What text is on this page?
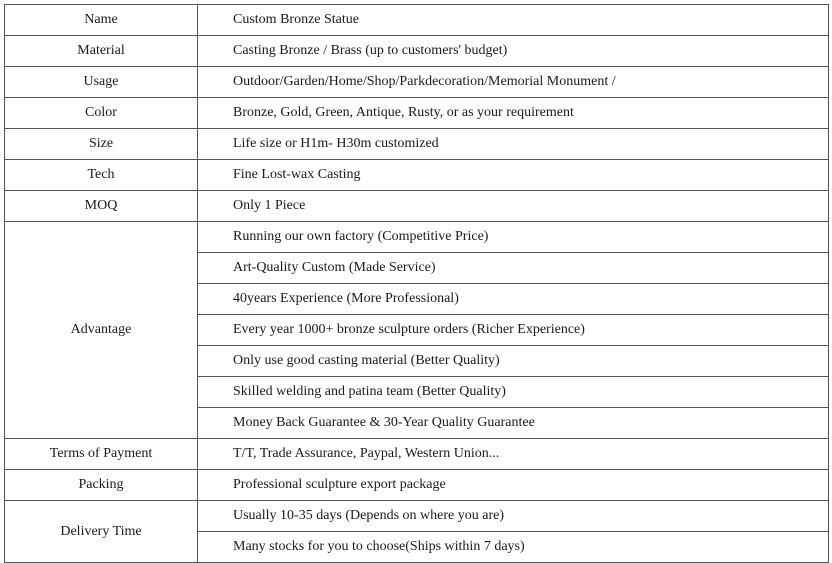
Name	Custom Bronze Statue
Material	Casting Bronze / Brass (up to customers' budget)
Usage	Outdoor/Garden/Home/Shop/Parkdecoration/Memorial Monument /
Color	Bronze, Gold, Green, Antique, Rusty, or as your requirement
Size	Life size or H1m- H30m customized
Tech	Fine Lost-wax Casting
MOQ	Only 1 Piece
Advantage	Running our own factory (Competitive Price)
	Art-Quality Custom (Made Service)
	40years Experience (More Professional)
	Every year 1000+ bronze sculpture orders (Richer Experience)
	Only use good casting material (Better Quality)
	Skilled welding and patina team (Better Quality)
	Money Back Guarantee & 30-Year Quality Guarantee
Terms of Payment	T/T, Trade Assurance, Paypal, Western Union...
Packing	Professional sculpture export package
Delivery Time	Usually 10-35 days (Depends on where you are)
	Many stocks for you to choose(Ships within 7 days)
